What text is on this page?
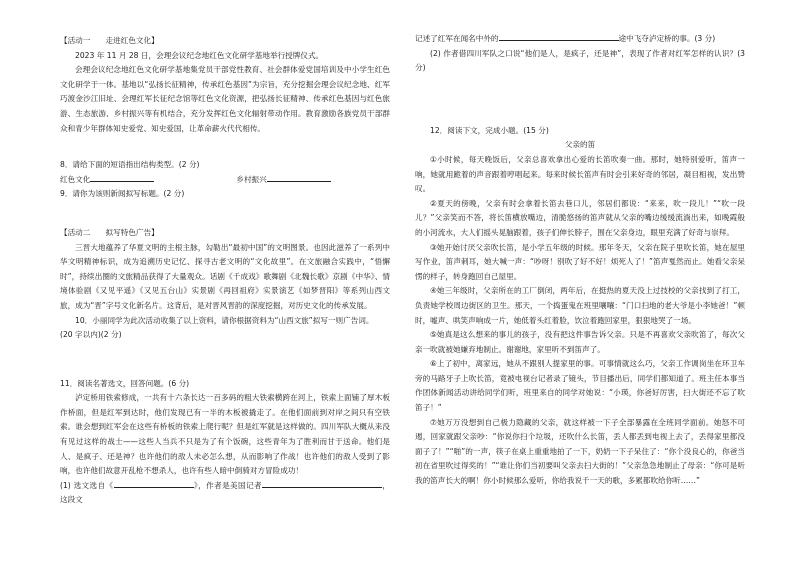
【活动一　　走进红色文化】

2023 年 11 月 28 日，会理会议纪念地红色文化研学基地举行授牌仪式。

会理会议纪念地红色文化研学基地集党员干部党性教育、社会群体爱党国培训及中小学生红色文化研学于一体。基地以“弘扬长征精神，传承红色基因”为宗旨，充分挖掘会理会议纪念地、红军巧渡金沙江旧址、会理红军长征纪念馆等红色文化资源，把弘扬长征精神、传承红色基因与红色旅游、生态旅游、乡村振兴等有机结合，充分发挥红色文化辐射带动作用。教育激励各族党员干部群众和青少年群体知史爱党、知史爱国，让革命薪火代代相传。

8．请给下面的短语指出结构类型。(2 分)

红色文化	乡村振兴

9．请你为该则新闻拟写标题。(2 分)

【活动二　　拟写特色广告】

三晋大地蕴养了华夏文明的主根主脉，勾勒出“最初中国”的文明图景。也因此滋养了一系列中华文明精神标识，成为追溯历史记忆、探寻古老文明的“文化故里”。在文旅融合实践中，“悟懈时”，持续出圈的文旅精品获得了大量观众。话剧《千成戏》歌舞剧《北魏长歌》京剧《中华》、情境体验剧《又见平遥》《又见五台山》实景剧《再回祖府》实景演艺《如梦晋阳》等系列山西文旅，成为“晋”字号文化新名片。这背后，是对晋风晋韵的深度挖掘，对历史文化的传承发展。

10．小丽同学为此次活动收集了以上资料，请你根据资料为“山西文旅”拟写一则广告词。

(20 字以内)(2 分)

11．阅读名著选文，回答问题。(6 分)

泸定桥用铁索修成，一共有十六条长达一百多码的粗大铁索横跨在河上，铁索上面铺了厚木板作桥面，但是红军到达时，他们发现已有一半的木板被撬走了。在他们面前到对岸之间只有空铁索。谁会想到红军会在这些有桥板的铁索上爬行呢？但是红军就是这样做的。四川军队大概从来没有见过这样的战士——这些人当兵不只是为了有个饭碗，这些青年为了胜利而甘于送命。他们是人、是疯子、还是神？也许他们的敌人未必怎么想，从而影响了作战！也许他们的敌人受到了影响，也许他们故意开乱枪不想杀人，也许有些人暗中倒骑对方冒险成功！

(1) 选文选自《	》，作者是美国记者	，这段文

记述了红军在闻名中外的	途中飞夺泸定桥的事。(3 分)

(2) 作者借四川军队之口说“他们是人，是疯子，还是神”，表现了作者对红军怎样的认识？(3 分)

12．阅读下文，完成小题。(15 分)

父亲的笛

①小时候，每天晚饭后，父亲总喜欢拿出心爱的长笛吹奏一曲。那时，她特别爱听，笛声一响，她就用跪着的声音跟着哼唱起来。每来时候长笛声有时会引来好奇的邻居，凝目相视，发出赞叹。

②夏天的傍晚，父亲有时会拿着长笛去巷口儿，邻居们都说：“来来，吹一段儿！”“吹一段儿？”父亲笑而不答，将长笛横放嘴边，清脆悠扬的笛声就从父亲的嘴边缓缓流淌出来，如晚霞般的小河流水，大人们摇头晃脑跟着，孩子们伸长脖子，围在父亲身边，眼里充满了好奇与崇拜。

③她开始讨厌父亲吹长笛，是小学五年级的时候。那年冬天，父亲在院子里吹长笛，她在屋里写作业，笛声刺耳，她大喊一声：“吵呀！别吹了好不好！烦死人了！”笛声戛然而止。她看父亲呆愣的样子，转身跑回自己屋里。

④她三年级时，父亲所在的工厂倒闭，两年后，在挺热的夏天没上过技校的父亲找到了打工，负责她学校周边街区的卫生。那天，一个捣蛋鬼在班里嚷嚷：“门口扫地的老大爷是小李她爸！”顿时，嘘声、哄笑声响成一片，她低着头红着脸，饮泣着跑回家里，狠狠地哭了一场。

⑤她真是这么想来的事儿的孩子，没有把这件事告诉父亲。只是不再喜欢父亲吹笛了，每次父亲一吹就被她嫌弃地制止。谢谢地，家里听不到笛声了。

⑥上了初中，离家远，她从不跟别人提家里的事。可事情就这么巧，父亲工作调岗坐在环卫车旁的马路牙子上吹长笛，竟被电视台记者录了镜头，节目播出后，同学们都知道了。班主任本事当作团体新闻活动讲给同学们听，班里来自的同学对她说：“小瑛，你爸好厉害，扫大街还不忘了吹笛子！”

⑦她万万没想到自己极力隐藏的父亲，就这样被一下子全部暴露在全班同学面前。她怒不可遏，回家就跟父亲吵：“你说你扫个垃圾，还吹什么长笛，丢人都丢到电视上去了，丢得家里都没面子了！”“啪”的一声，筷子在桌上重重地拍了一下，奶奶一下子呆住了：“你个没良心的，你爸当初在省里吹过得奖的！”“谁让你们当初要叫父亲去扫大街的！”父亲急急地制止了母亲：“你可是听我的笛声长大的啊！你小时候那么爱听，你给我说千一天的歌，多累都吹给你听……”
